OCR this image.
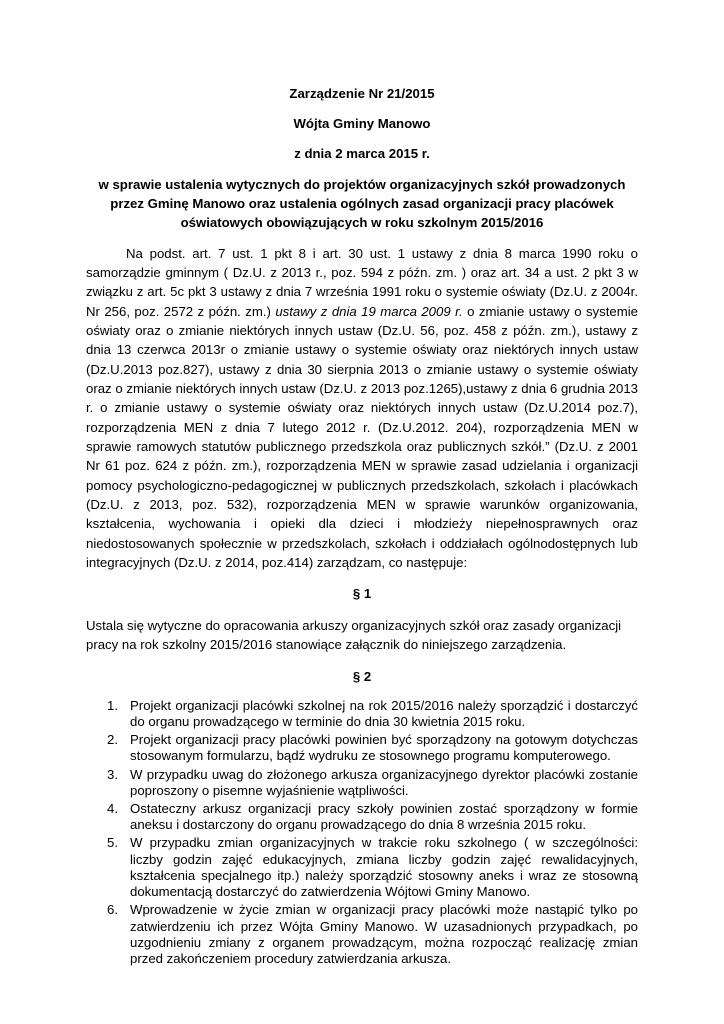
Zarządzenie Nr 21/2015

Wójta Gminy Manowo

z dnia 2 marca 2015 r.

w sprawie ustalenia wytycznych do projektów organizacyjnych szkół prowadzonych przez Gminę Manowo oraz ustalenia ogólnych zasad organizacji pracy placówek oświatowych obowiązujących w roku szkolnym 2015/2016

Na podst. art. 7 ust. 1 pkt 8 i art. 30 ust. 1 ustawy z dnia 8 marca 1990 roku o samorządzie gminnym ( Dz.U. z 2013 r., poz. 594 z późn. zm. ) oraz art. 34 a ust. 2 pkt 3 w związku z art. 5c pkt 3 ustawy z dnia 7 września 1991 roku o systemie oświaty (Dz.U. z 2004r. Nr 256, poz. 2572 z późn. zm.) ustawy z dnia 19 marca 2009 r. o zmianie ustawy o systemie oświaty oraz o zmianie niektórych innych ustaw (Dz.U. 56, poz. 458 z późn. zm.), ustawy z dnia 13 czerwca 2013r o zmianie ustawy o systemie oświaty oraz niektórych innych ustaw (Dz.U.2013 poz.827), ustawy z dnia 30 sierpnia 2013 o zmianie ustawy o systemie oświaty oraz o zmianie niektórych innych ustaw (Dz.U. z 2013 poz.1265),ustawy z dnia 6 grudnia 2013 r. o zmianie ustawy o systemie oświaty oraz niektórych innych ustaw (Dz.U.2014 poz.7), rozporządzenia MEN z dnia 7 lutego 2012 r. (Dz.U.2012. 204), rozporządzenia MEN w sprawie ramowych statutów publicznego przedszkola oraz publicznych szkół.” (Dz.U. z 2001 Nr 61 poz. 624 z późn. zm.), rozporządzenia MEN w sprawie zasad udzielania i organizacji pomocy psychologiczno-pedagogicznej w publicznych przedszkolach, szkołach i placówkach (Dz.U. z 2013, poz. 532), rozporządzenia MEN w sprawie warunków organizowania, kształcenia, wychowania i opieki dla dzieci i młodzieży niepełnosprawnych oraz niedostosowanych społecznie w przedszkolach, szkołach i oddziałach ogólnodostępnych lub integracyjnych (Dz.U. z 2014, poz.414) zarządzam, co następuje:

§ 1

Ustala się wytyczne do opracowania arkuszy organizacyjnych szkół oraz zasady organizacji pracy na rok szkolny 2015/2016 stanowiące załącznik do niniejszego zarządzenia.

§ 2

1. Projekt organizacji placówki szkolnej na rok 2015/2016 należy sporządzić i dostarczyć do organu prowadzącego w terminie do dnia 30 kwietnia 2015 roku.
2. Projekt organizacji pracy placówki powinien być sporządzony na gotowym dotychczas stosowanym formularzu, bądź wydruku ze stosownego programu komputerowego.
3. W przypadku uwag do złożonego arkusza organizacyjnego dyrektor placówki zostanie poproszony o pisemne wyjaśnienie wątpliwości.
4. Ostateczny arkusz organizacji pracy szkoły powinien zostać sporządzony w formie aneksu i dostarczony do organu prowadzącego do dnia 8 września 2015 roku.
5. W przypadku zmian organizacyjnych w trakcie roku szkolnego ( w szczególności: liczby godzin zajęć edukacyjnych, zmiana liczby godzin zajęć rewalidacyjnych, kształcenia specjalnego itp.) należy sporządzić stosowny aneks i wraz ze stosowną dokumentacją dostarczyć do zatwierdzenia Wójtowi Gminy Manowo.
6. Wprowadzenie w życie zmian w organizacji pracy placówki może nastąpić tylko po zatwierdzeniu ich przez Wójta Gminy Manowo. W uzasadnionych przypadkach, po uzgodnieniu zmiany z organem prowadzącym, można rozpocząć realizację zmian przed zakończeniem procedury zatwierdzania arkusza.
